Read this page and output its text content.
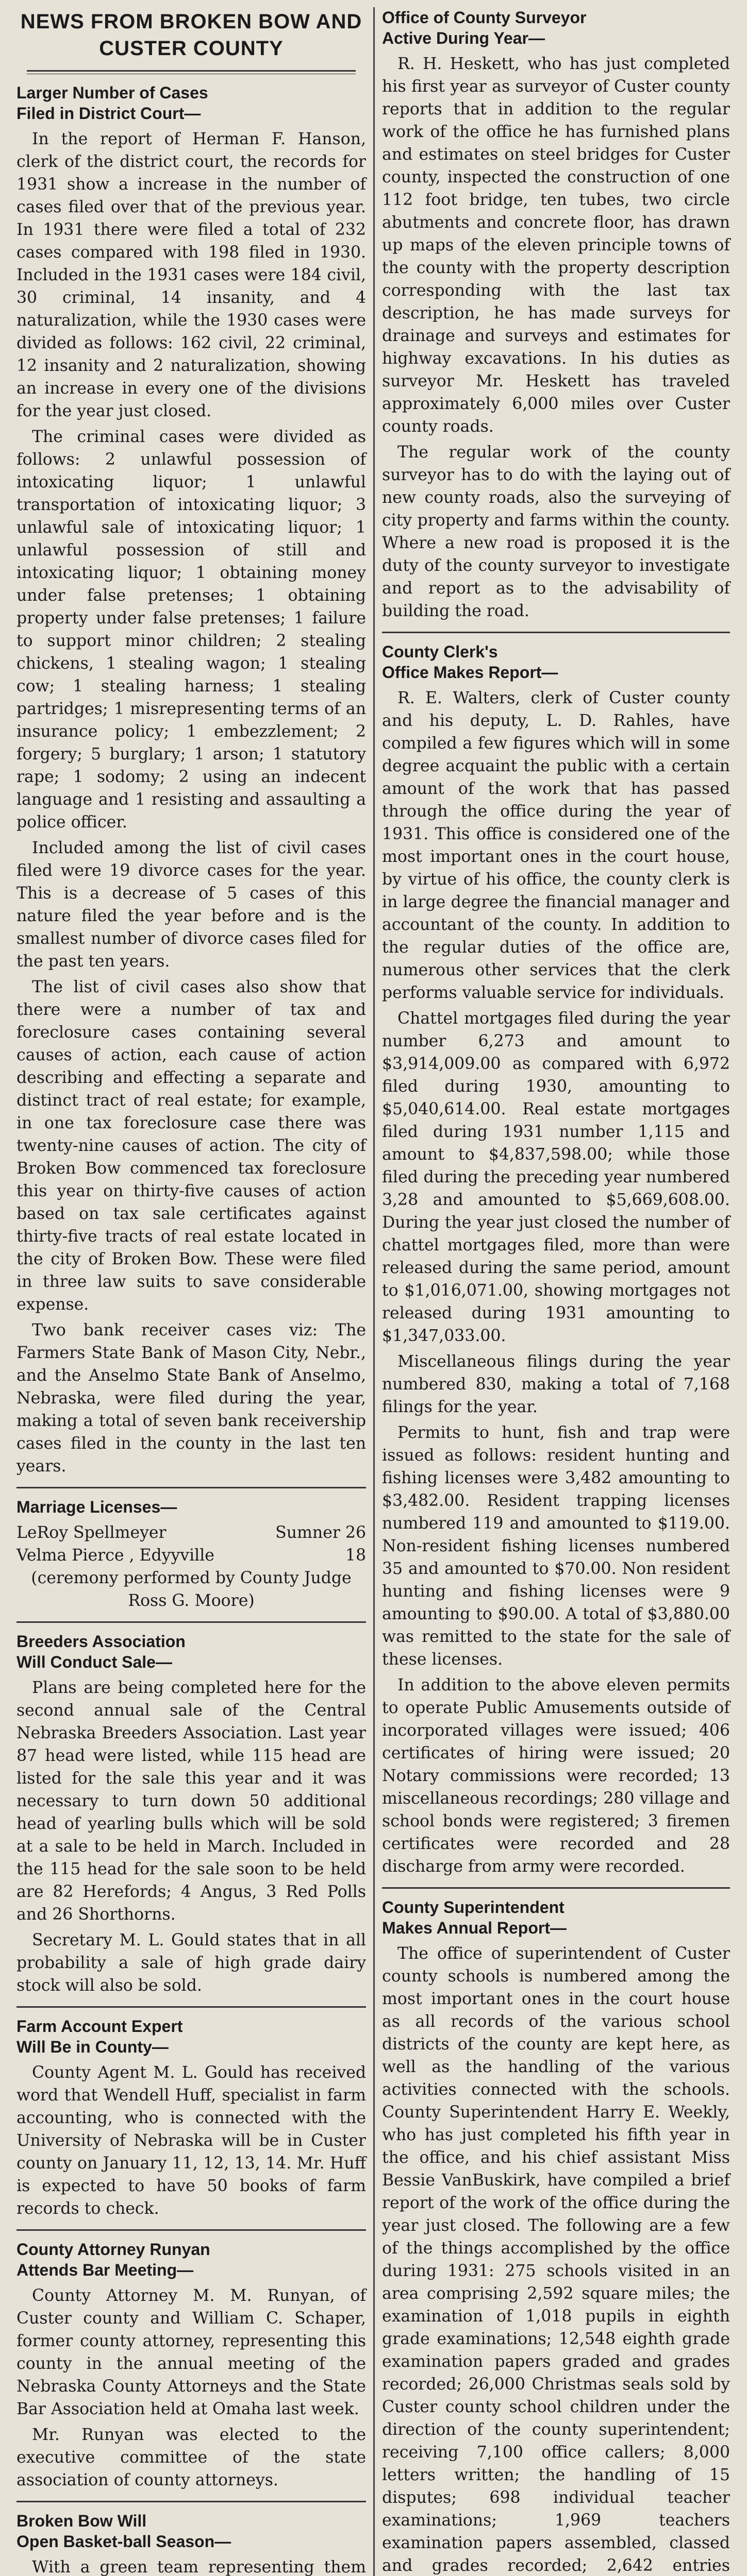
NEWS FROM BROKEN BOW AND CUSTER COUNTY
Larger Number of Cases
Filed in District Court—

In the report of Herman F. Hanson, clerk of the district court, the records for 1931 show a increase in the number of cases filed over that of the previous year. In 1931 there were filed a total of 232 cases compared with 198 filed in 1930. Included in the 1931 cases were 184 civil, 30 criminal, 14 insanity, and 4 naturalization, while the 1930 cases were divided as follows: 162 civil, 22 criminal, 12 insanity and 2 naturalization, showing an increase in every one of the divisions for the year just closed.

The criminal cases were divided as follows: 2 unlawful possession of intoxicating liquor; 1 unlawful transportation of intoxicating liquor; 3 unlawful sale of intoxicating liquor; 1 unlawful possession of still and intoxicating liquor; 1 obtaining money under false pretenses; 1 obtaining property under false pretenses; 1 failure to support minor children; 2 stealing chickens, 1 stealing wagon; 1 stealing cow; 1 stealing harness; 1 stealing partridges; 1 misrepresenting terms of an insurance policy; 1 embezzlement; 2 forgery; 5 burglary; 1 arson; 1 statutory rape; 1 sodomy; 2 using an indecent language and 1 resisting and assaulting a police officer.

Included among the list of civil cases filed were 19 divorce cases for the year. This is a decrease of 5 cases of this nature filed the year before and is the smallest number of divorce cases filed for the past ten years.

The list of civil cases also show that there were a number of tax and foreclosure cases containing several causes of action, each cause of action describing and effecting a separate and distinct tract of real estate; for example, in one tax foreclosure case there was twenty-nine causes of action. The city of Broken Bow commenced tax foreclosure this year on thirty-five causes of action based on tax sale certificates against thirty-five tracts of real estate located in the city of Broken Bow. These were filed in three law suits to save considerable expense.

Two bank receiver cases viz: The Farmers State Bank of Mason City, Nebr., and the Anselmo State Bank of Anselmo, Nebraska, were filed during the year, making a total of seven bank receivership cases filed in the county in the last ten years.

Marriage Licenses—
LeRoy Spellmeyer	Sumner 26
Velma Pierce , Edyyville	18
(ceremony performed by County Judge Ross G. Moore)
Breeders Association
Will Conduct Sale—

Plans are being completed here for the second annual sale of the Central Nebraska Breeders Association. Last year 87 head were listed, while 115 head are listed for the sale this year and it was necessary to turn down 50 additional head of yearling bulls which will be sold at a sale to be held in March. Included in the 115 head for the sale soon to be held are 82 Herefords; 4 Angus, 3 Red Polls and 26 Shorthorns.

Secretary M. L. Gould states that in all probability a sale of high grade dairy stock will also be sold.

Farm Account Expert
Will Be in County—

County Agent M. L. Gould has received word that Wendell Huff, specialist in farm accounting, who is connected with the University of Nebraska will be in Custer county on January 11, 12, 13, 14. Mr. Huff is expected to have 50 books of farm records to check.

County Attorney Runyan
Attends Bar Meeting—

County Attorney M. M. Runyan, of Custer county and William C. Schaper, former county attorney, representing this county in the annual meeting of the Nebraska County Attorneys and the State Bar Association held at Omaha last week.

Mr. Runyan was elected to the executive committee of the state association of county attorneys.

Broken Bow Will
Open Basket-ball Season—

With a green team representing them

Office of County Surveyor
Active During Year—

R. H. Heskett, who has just completed his first year as surveyor of Custer county reports that in addition to the regular work of the office he has furnished plans and estimates on steel bridges for Custer county, inspected the construction of one 112 foot bridge, ten tubes, two circle abutments and concrete floor, has drawn up maps of the eleven principle towns of the county with the property description corresponding with the last tax description, he has made surveys for drainage and surveys and estimates for highway excavations. In his duties as surveyor Mr. Heskett has traveled approximately 6,000 miles over Custer county roads.

The regular work of the county surveyor has to do with the laying out of new county roads, also the surveying of city property and farms within the county. Where a new road is proposed it is the duty of the county surveyor to investigate and report as to the advisability of building the road.

County Clerk's
Office Makes Report—

R. E. Walters, clerk of Custer county and his deputy, L. D. Rahles, have compiled a few figures which will in some degree acquaint the public with a certain amount of the work that has passed through the office during the year of 1931. This office is considered one of the most important ones in the court house, by virtue of his office, the county clerk is in large degree the financial manager and accountant of the county. In addition to the regular duties of the office are, numerous other services that the clerk performs valuable service for individuals.

Chattel mortgages filed during the year number 6,273 and amount to $3,914,009.00 as compared with 6,972 filed during 1930, amounting to $5,040,614.00. Real estate mortgages filed during 1931 number 1,115 and amount to $4,837,598.00; while those filed during the preceding year numbered 3,28 and amounted to $5,669,608.00. During the year just closed the number of chattel mortgages filed, more than were released during the same period, amount to $1,016,071.00, showing mortgages not released during 1931 amounting to $1,347,033.00.

Miscellaneous filings during the year numbered 830, making a total of 7,168 filings for the year.

Permits to hunt, fish and trap were issued as follows: resident hunting and fishing licenses were 3,482 amounting to $3,482.00. Resident trapping licenses numbered 119 and amounted to $119.00. Non-resident fishing licenses numbered 35 and amounted to $70.00. Non resident hunting and fishing licenses were 9 amounting to $90.00. A total of $3,880.00 was remitted to the state for the sale of these licenses.

In addition to the above eleven permits to operate Public Amusements outside of incorporated villages were issued; 406 certificates of hiring were issued; 20 Notary commissions were recorded; 13 miscellaneous recordings; 280 village and school bonds were registered; 3 firemen certificates were recorded and 28 discharge from army were recorded.

County Superintendent
Makes Annual Report—

The office of superintendent of Custer county schools is numbered among the most important ones in the court house as all records of the various school districts of the county are kept here, as well as the handling of the various activities connected with the schools. County Superintendent Harry E. Weekly, who has just completed his fifth year in the office, and his chief assistant Miss Bessie VanBuskirk, have compiled a brief report of the work of the office during the year just closed. The following are a few of the things accomplished by the office during 1931: 275 schools visited in an area comprising 2,592 square miles; the examination of 1,018 pupils in eighth grade examinations; 12,548 eighth grade examination papers graded and grades recorded; 26,000 Christmas seals sold by Custer county school children under the direction of the county superintendent; receiving 7,100 office callers; 8,000 letters written; the handling of 15 disputes; 698 individual teacher examinations; 1,969 teachers examination papers assembled, classed and grades recorded; 2,642 entries
